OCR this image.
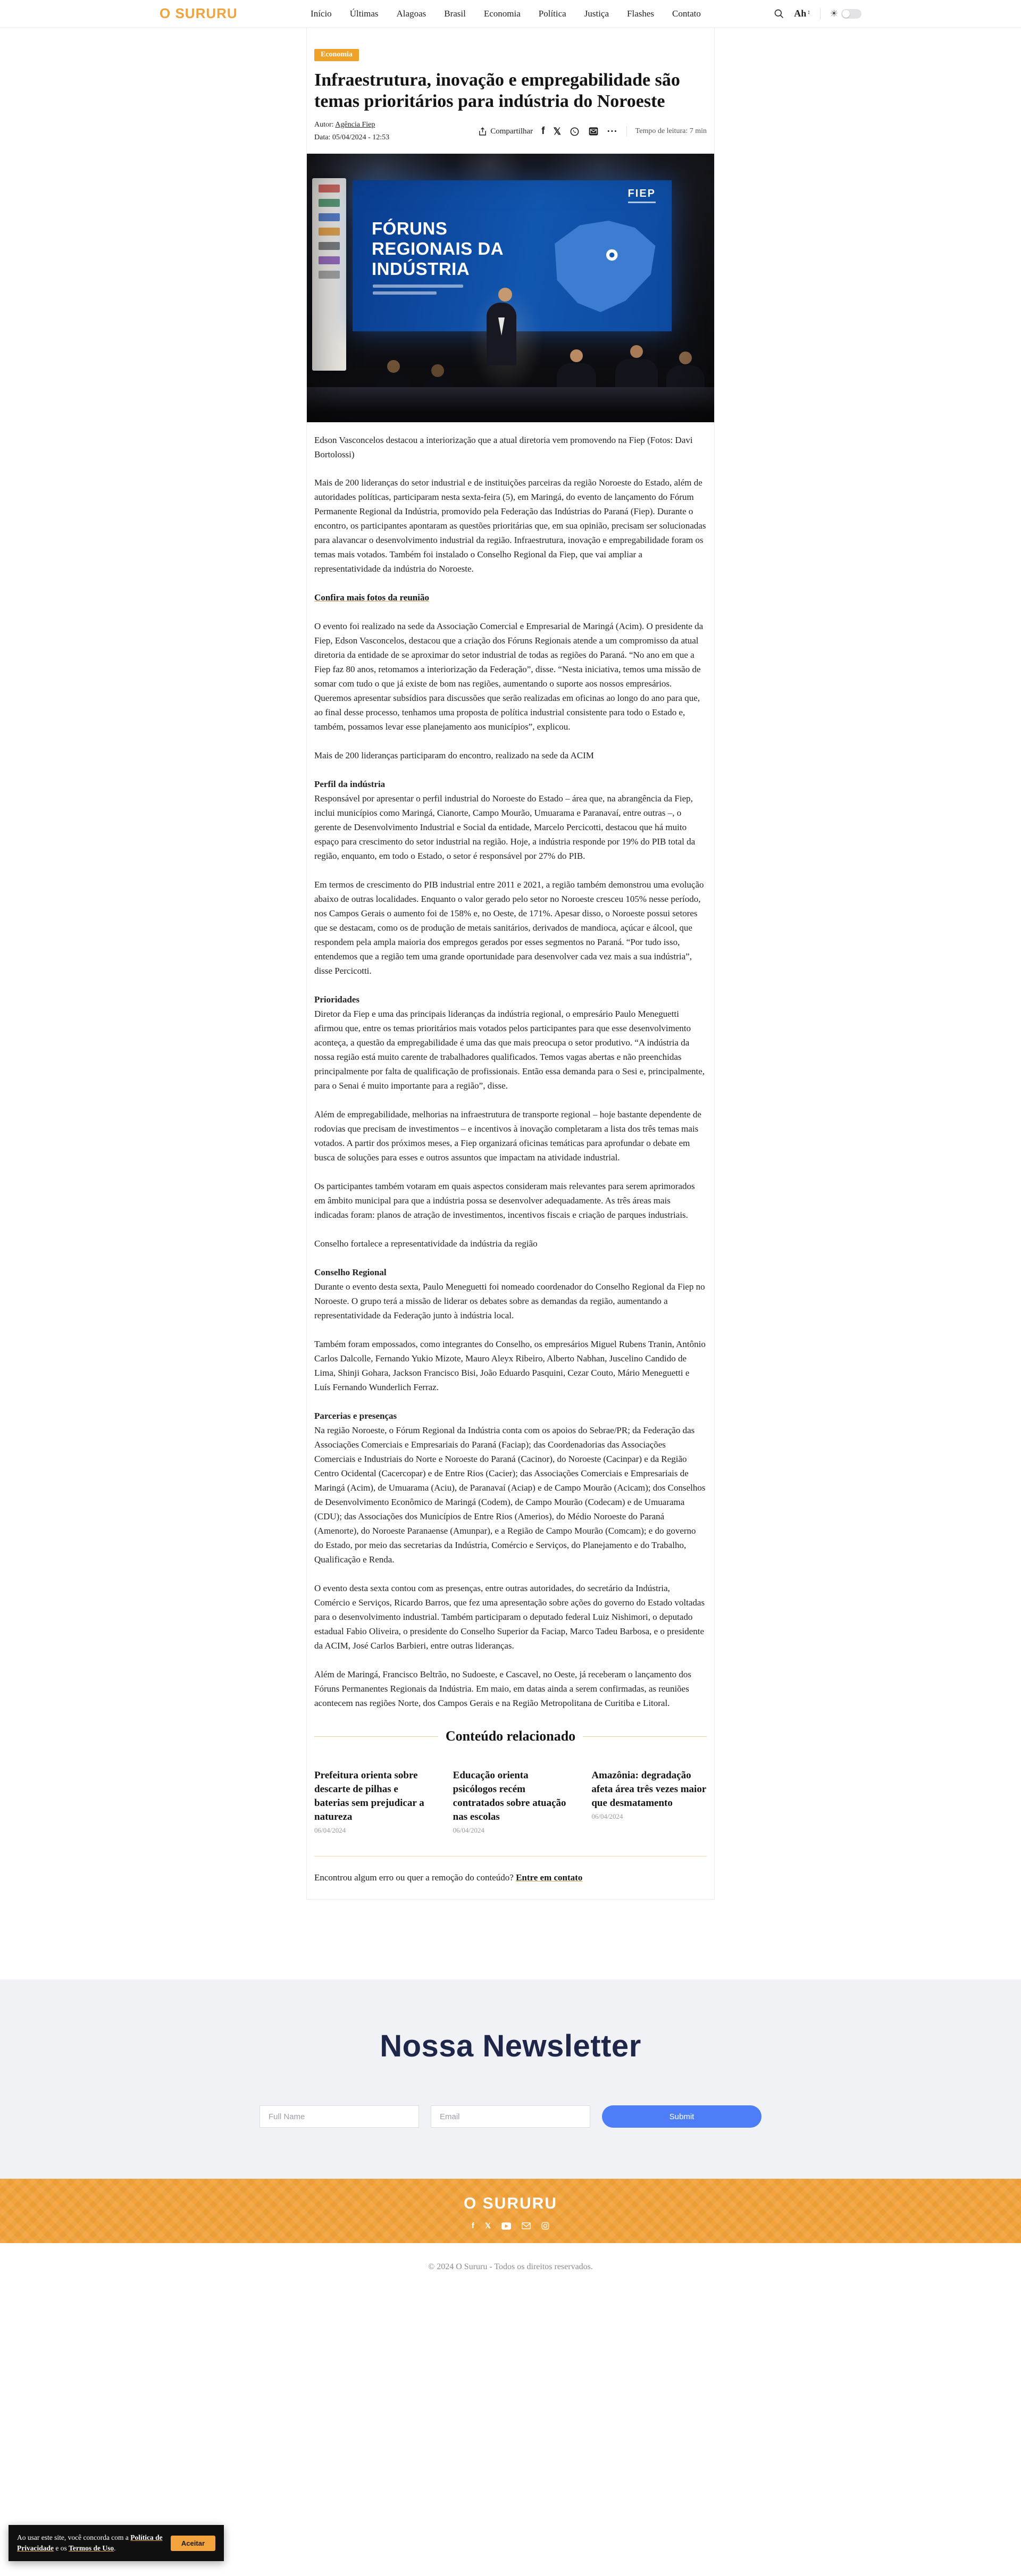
O SURURU	Início Últimas Alagoas Brasil Economia Política Justiça Flashes Contato	Ah ↕ ☀
Economia
Infraestrutura, inovação e empregabilidade são temas prioritários para indústria do Noroeste
Autor: Agência Fiep
Data: 05/04/2024 - 12:53
Compartilhar f 𝕏	••• Tempo de leitura: 7 min
FIEP
FÓRUNS
REGIONAIS DA
INDÚSTRIA

Edson Vasconcelos destacou a interiorização que a atual diretoria vem promovendo na Fiep (Fotos: Davi Bortolossi)

Mais de 200 lideranças do setor industrial e de instituições parceiras da região Noroeste do Estado, além de autoridades políticas, participaram nesta sexta-feira (5), em Maringá, do evento de lançamento do Fórum Permanente Regional da Indústria, promovido pela Federação das Indústrias do Paraná (Fiep). Durante o encontro, os participantes apontaram as questões prioritárias que, em sua opinião, precisam ser solucionadas para alavancar o desenvolvimento industrial da região. Infraestrutura, inovação e empregabilidade foram os temas mais votados. Também foi instalado o Conselho Regional da Fiep, que vai ampliar a representatividade da indústria do Noroeste.

Confira mais fotos da reunião

O evento foi realizado na sede da Associação Comercial e Empresarial de Maringá (Acim). O presidente da Fiep, Edson Vasconcelos, destacou que a criação dos Fóruns Regionais atende a um compromisso da atual diretoria da entidade de se aproximar do setor industrial de todas as regiões do Paraná. “No ano em que a Fiep faz 80 anos, retomamos a interiorização da Federação”, disse. “Nesta iniciativa, temos uma missão de somar com tudo o que já existe de bom nas regiões, aumentando o suporte aos nossos empresários. Queremos apresentar subsídios para discussões que serão realizadas em oficinas ao longo do ano para que, ao final desse processo, tenhamos uma proposta de política industrial consistente para todo o Estado e, também, possamos levar esse planejamento aos municípios”, explicou.

Mais de 200 lideranças participaram do encontro, realizado na sede da ACIM

Perfil da indústria

Responsável por apresentar o perfil industrial do Noroeste do Estado – área que, na abrangência da Fiep, inclui municípios como Maringá, Cianorte, Campo Mourão, Umuarama e Paranavaí, entre outras –, o gerente de Desenvolvimento Industrial e Social da entidade, Marcelo Percicotti, destacou que há muito espaço para crescimento do setor industrial na região. Hoje, a indústria responde por 19% do PIB total da região, enquanto, em todo o Estado, o setor é responsável por 27% do PIB.

Em termos de crescimento do PIB industrial entre 2011 e 2021, a região também demonstrou uma evolução abaixo de outras localidades. Enquanto o valor gerado pelo setor no Noroeste cresceu 105% nesse período, nos Campos Gerais o aumento foi de 158% e, no Oeste, de 171%. Apesar disso, o Noroeste possui setores que se destacam, como os de produção de metais sanitários, derivados de mandioca, açúcar e álcool, que respondem pela ampla maioria dos empregos gerados por esses segmentos no Paraná. “Por tudo isso, entendemos que a região tem uma grande oportunidade para desenvolver cada vez mais a sua indústria”, disse Percicotti.

Prioridades

Diretor da Fiep e uma das principais lideranças da indústria regional, o empresário Paulo Meneguetti afirmou que, entre os temas prioritários mais votados pelos participantes para que esse desenvolvimento aconteça, a questão da empregabilidade é uma das que mais preocupa o setor produtivo. “A indústria da nossa região está muito carente de trabalhadores qualificados. Temos vagas abertas e não preenchidas principalmente por falta de qualificação de profissionais. Então essa demanda para o Sesi e, principalmente, para o Senai é muito importante para a região”, disse.

Além de empregabilidade, melhorias na infraestrutura de transporte regional – hoje bastante dependente de rodovias que precisam de investimentos – e incentivos à inovação completaram a lista dos três temas mais votados. A partir dos próximos meses, a Fiep organizará oficinas temáticas para aprofundar o debate em busca de soluções para esses e outros assuntos que impactam na atividade industrial.

Os participantes também votaram em quais aspectos consideram mais relevantes para serem aprimorados em âmbito municipal para que a indústria possa se desenvolver adequadamente. As três áreas mais indicadas foram: planos de atração de investimentos, incentivos fiscais e criação de parques industriais.

Conselho fortalece a representatividade da indústria da região

Conselho Regional

Durante o evento desta sexta, Paulo Meneguetti foi nomeado coordenador do Conselho Regional da Fiep no Noroeste. O grupo terá a missão de liderar os debates sobre as demandas da região, aumentando a representatividade da Federação junto à indústria local.

Também foram empossados, como integrantes do Conselho, os empresários Miguel Rubens Tranin, Antônio Carlos Dalcolle, Fernando Yukio Mizote, Mauro Aleyx Ribeiro, Alberto Nabhan, Juscelino Candido de Lima, Shinji Gohara, Jackson Francisco Bisi, João Eduardo Pasquini, Cezar Couto, Mário Meneguetti e Luís Fernando Wunderlich Ferraz.

Parcerias e presenças

Na região Noroeste, o Fórum Regional da Indústria conta com os apoios do Sebrae/PR; da Federação das Associações Comerciais e Empresariais do Paraná (Faciap); das Coordenadorias das Associações Comerciais e Industriais do Norte e Noroeste do Paraná (Cacinor), do Noroeste (Cacinpar) e da Região Centro Ocidental (Cacercopar) e de Entre Rios (Cacier); das Associações Comerciais e Empresariais de Maringá (Acim), de Umuarama (Aciu), de Paranavaí (Aciap) e de Campo Mourão (Acicam); dos Conselhos de Desenvolvimento Econômico de Maringá (Codem), de Campo Mourão (Codecam) e de Umuarama (CDU); das Associações dos Municípios de Entre Rios (Amerios), do Médio Noroeste do Paraná (Amenorte), do Noroeste Paranaense (Amunpar), e a Região de Campo Mourão (Comcam); e do governo do Estado, por meio das secretarias da Indústria, Comércio e Serviços, do Planejamento e do Trabalho, Qualificação e Renda.

O evento desta sexta contou com as presenças, entre outras autoridades, do secretário da Indústria, Comércio e Serviços, Ricardo Barros, que fez uma apresentação sobre ações do governo do Estado voltadas para o desenvolvimento industrial. Também participaram o deputado federal Luiz Nishimori, o deputado estadual Fabio Oliveira, o presidente do Conselho Superior da Faciap, Marco Tadeu Barbosa, e o presidente da ACIM, José Carlos Barbieri, entre outras lideranças.

Além de Maringá, Francisco Beltrão, no Sudoeste, e Cascavel, no Oeste, já receberam o lançamento dos Fóruns Permanentes Regionais da Indústria. Em maio, em datas ainda a serem confirmadas, as reuniões acontecem nas regiões Norte, dos Campos Gerais e na Região Metropolitana de Curitiba e Litoral.

Conteúdo relacionado
Prefeitura orienta sobre descarte de pilhas e baterias sem prejudicar a natureza
06/04/2024
Educação orienta psicólogos recém contratados sobre atuação nas escolas
06/04/2024
Amazônia: degradação afeta área três vezes maior que desmatamento
06/04/2024
Encontrou algum erro ou quer a remoção do conteúdo? Entre em contato
Nossa Newsletter
Full Name
Email
Submit
O SURURU
f 𝕏
© 2024 O Sururu - Todos os direitos reservados.
Ao usar este site, você concorda com a Política de Privacidade e os Termos de Uso.
Aceitar
